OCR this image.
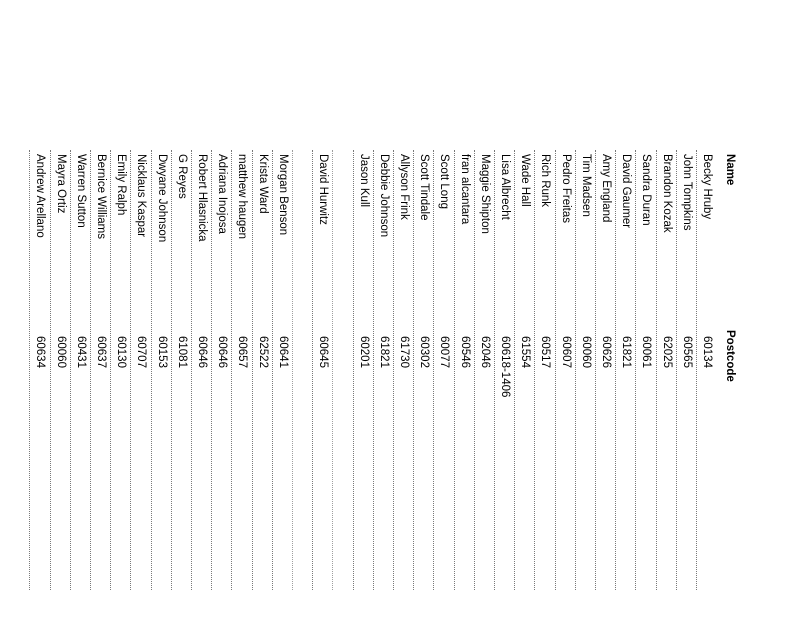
Name
Postcode
Becky Hruby
60134
John Tompkins
60565
Brandon Kozak
62025
Sandra Duran
60061
David Gaumer
61821
Amy England
60626
Tim Madsen
60060
Pedro Freitas
60607
Rich Runk
60517
Wade Hall
61554
Lisa Albrecht
60618-1406
Maggie Shipton
62046
fran alcantara
60546
Scott Long
60077
Scott Tindale
60302
Allyson Frink
61730
Debbie Johnson
61821
Jason Kull
60201
David Hurwitz
60645
Morgan Benson
60641
Krista Ward
62522
matthew haugen
60657
Adriana Inojosa
60646
Robert Hlasnicka
60646
G Reyes
61081
Dwyane Johnson
60153
Nicklaus Kaspar
60707
Emily Ralph
60130
Bernice Williams
60637
Warren Sutton
60431
Mayra Ortiz
60060
Andrew Arellano
60634
